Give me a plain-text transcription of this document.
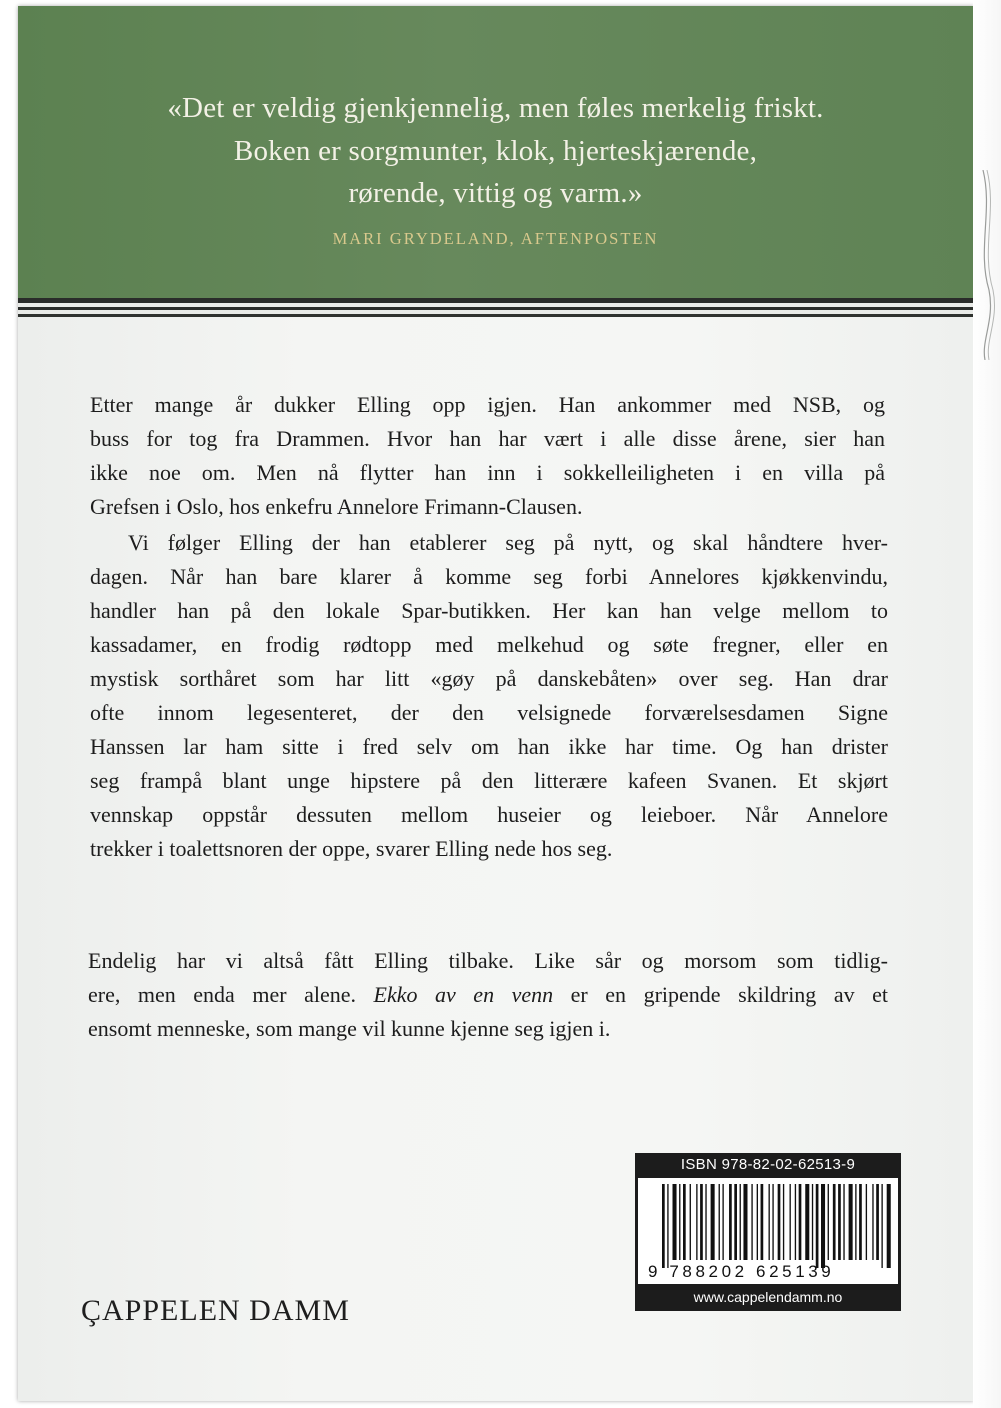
«Det er veldig gjenkjennelig, men føles merkelig friskt.
Boken er sorgmunter, klok, hjerteskjærende,
rørende, vittig og varm.»
MARI GRYDELAND, AFTENPOSTEN
Etter mange år dukker Elling opp igjen. Han ankommer med NSB, og
buss for tog fra Drammen. Hvor han har vært i alle disse årene, sier han
ikke noe om. Men nå flytter han inn i sokkelleiligheten i en villa på
Grefsen i Oslo, hos enkefru Annelore Frimann-Clausen.
Vi følger Elling der han etablerer seg på nytt, og skal håndtere hver-
dagen. Når han bare klarer å komme seg forbi Annelores kjøkkenvindu,
handler han på den lokale Spar-butikken. Her kan han velge mellom to
kassadamer, en frodig rødtopp med melkehud og søte fregner, eller en
mystisk sorthåret som har litt «gøy på danskebåten» over seg. Han drar
ofte innom legesenteret, der den velsignede forværelsesdamen Signe
Hanssen lar ham sitte i fred selv om han ikke har time. Og han drister
seg frampå blant unge hipstere på den litterære kafeen Svanen. Et skjørt
vennskap oppstår dessuten mellom huseier og leieboer. Når Annelore
trekker i toalettsnoren der oppe, svarer Elling nede hos seg.
Endelig har vi altså fått Elling tilbake. Like sår og morsom som tidlig-
ere, men enda mer alene. Ekko av en venn er en gripende skildring av et
ensomt menneske, som mange vil kunne kjenne seg igjen i.
ÇAPPELEN DAMM
ISBN 978-82-02-62513-9
9 788202 625139
www.cappelendamm.no
